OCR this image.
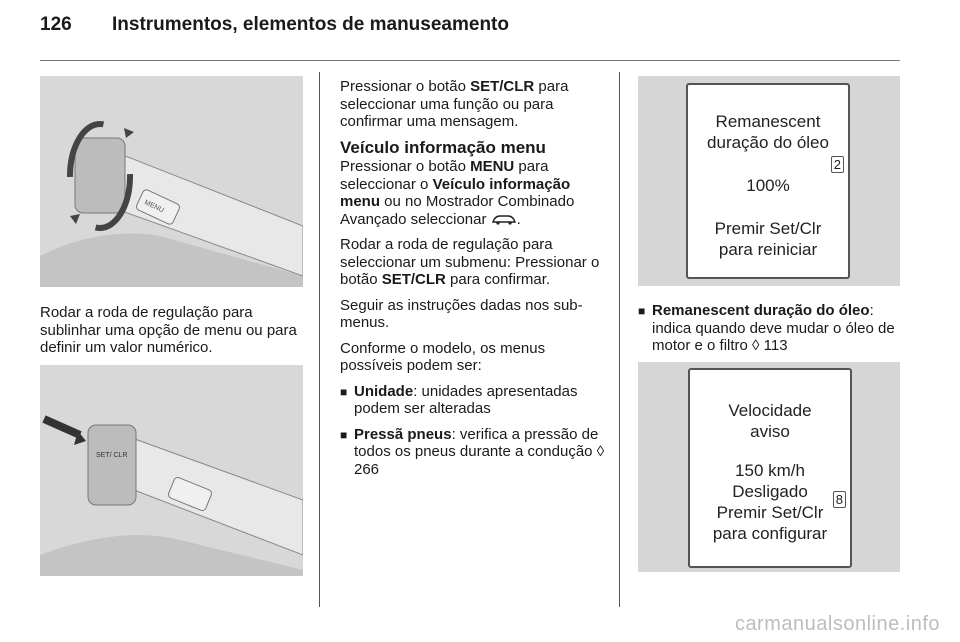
126 Instrumentos, elementos de manuseamento
MENU
Rodar a roda de regulação para sublinhar uma opção de menu ou para definir um valor numérico.
SET/ CLR

Pressionar o botão SET/CLR para seleccionar uma função ou para confirmar uma mensagem.

Veículo informação menu

Pressionar o botão MENU para seleccionar o Veículo informação menu ou no Mostrador Combinado Avançado seleccionar .

Rodar a roda de regulação para seleccionar um submenu: Pressionar o botão SET/CLR para confirmar.

Seguir as instruções dadas nos sub-menus.

Conforme o modelo, os menus possíveis podem ser:

■ Unidade: unidades apresentadas podem ser alteradas
■ Pressã pneus: verifica a pressão de todos os pneus durante a condução ◊ 266
Remanescent
duração do óleo
2
100%
Premir Set/Clr
para reiniciar
■ Remanescent duração do óleo: indica quando deve mudar o óleo de motor e o filtro ◊ 113
Velocidade
aviso
150 km/h
8
Desligado
Premir Set/Clr
para configurar
carmanualsonline.info
